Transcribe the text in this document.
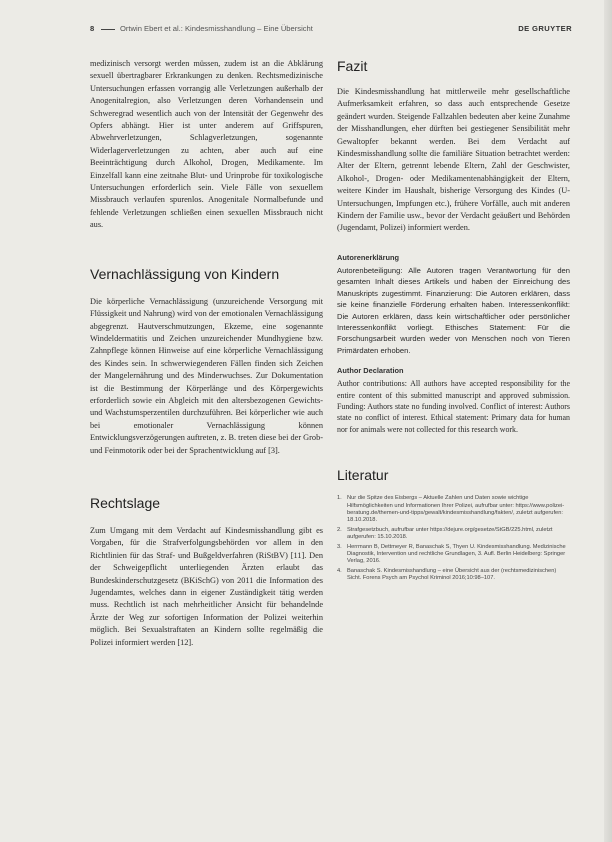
8	Ortwin Ebert et al.: Kindesmisshandlung – Eine Übersicht	DE GRUYTER

medizinisch versorgt werden müssen, zudem ist an die Abklärung sexuell übertragbarer Erkrankungen zu denken. Rechtsmedizinische Untersuchungen erfassen vorrangig alle Verletzungen außerhalb der Anogenitalregion, also Verletzungen deren Vorhandensein und Schweregrad wesentlich auch von der Intensität der Gegenwehr des Opfers abhängt. Hier ist unter anderem auf Griffspuren, Abwehrverletzungen, Schlagverletzungen, sogenannte Widerlagerverletzungen zu achten, aber auch auf eine Beeinträchtigung durch Alkohol, Drogen, Medikamente. Im Einzelfall kann eine zeitnahe Blut- und Urinprobe für toxikologische Untersuchungen erforderlich sein. Viele Fälle von sexuellem Missbrauch verlaufen spurenlos. Anogenitale Normalbefunde und fehlende Verletzungen schließen einen sexuellen Missbrauch nicht aus.

Vernachlässigung von Kindern

Die körperliche Vernachlässigung (unzureichende Versorgung mit Flüssigkeit und Nahrung) wird von der emotionalen Vernachlässigung abgegrenzt. Hautverschmutzungen, Ekzeme, eine sogenannte Windeldermatitis und Zeichen unzureichender Mundhygiene bzw. Zahnpflege können Hinweise auf eine körperliche Vernachlässigung des Kindes sein. In schwerwiegenderen Fällen finden sich Zeichen der Mangelernährung und des Minderwuchses. Zur Dokumentation ist die Bestimmung der Körperlänge und des Körpergewichts erforderlich sowie ein Abgleich mit den altersbezogenen Gewichts- und Wachstumsperzentilen durchzuführen. Bei körperlicher wie auch bei emotionaler Vernachlässigung können Entwicklungsverzögerungen auftreten, z. B. treten diese bei der Grob- und Feinmotorik oder bei der Sprachentwicklung auf [3].

Rechtslage

Zum Umgang mit dem Verdacht auf Kindesmisshandlung gibt es Vorgaben, für die Strafverfolgungsbehörden vor allem in den Richtlinien für das Straf- und Bußgeldverfahren (RiStBV) [11]. Den der Schweigepflicht unterliegenden Ärzten erlaubt das Bundeskinderschutzgesetz (BKiSchG) von 2011 die Information des Jugendamtes, welches dann in eigener Zuständigkeit tätig werden muss. Rechtlich ist nach mehrheitlicher Ansicht für behandelnde Ärzte der Weg zur sofortigen Information der Polizei weiterhin möglich. Bei Sexualstraftaten an Kindern sollte regelmäßig die Polizei informiert werden [12].

Fazit

Die Kindesmisshandlung hat mittlerweile mehr gesellschaftliche Aufmerksamkeit erfahren, so dass auch entsprechende Gesetze geändert wurden. Steigende Fallzahlen bedeuten aber keine Zunahme der Misshandlungen, eher dürften bei gestiegener Sensibilität mehr Gewaltopfer bekannt werden. Bei dem Verdacht auf Kindesmisshandlung sollte die familiäre Situation betrachtet werden: Alter der Eltern, getrennt lebende Eltern, Zahl der Geschwister, Alkohol-, Drogen- oder Medikamentenabhängigkeit der Eltern, weitere Kinder im Haushalt, bisherige Versorgung des Kindes (U-Untersuchungen, Impfungen etc.), frühere Vorfälle, auch mit anderen Kindern der Familie usw., bevor der Verdacht geäußert und Behörden (Jugendamt, Polizei) informiert werden.

Autorenerklärung

Autorenbeteiligung: Alle Autoren tragen Verantwortung für den gesamten Inhalt dieses Artikels und haben der Einreichung des Manuskripts zugestimmt. Finanzierung: Die Autoren erklären, dass sie keine finanzielle Förderung erhalten haben. Interessenkonflikt: Die Autoren erklären, dass kein wirtschaftlicher oder persönlicher Interessenkonflikt vorliegt. Ethisches Statement: Für die Forschungsarbeit wurden weder von Menschen noch von Tieren Primärdaten erhoben.

Author Declaration

Author contributions: All authors have accepted responsibility for the entire content of this submitted manuscript and approved submission. Funding: Authors state no funding involved. Conflict of interest: Authors state no conflict of interest. Ethical statement: Primary data for human nor for animals were not collected for this research work.

Literatur
1. Nur die Spitze des Eisbergs – Aktuelle Zahlen und Daten sowie wichtige Hilfsmöglichkeiten und Informationen Ihrer Polizei, aufrufbar unter: https://www.polizei-beratung.de/themen-und-tipps/gewalt/kindesmisshandlung/fakten/, zuletzt aufgerufen: 18.10.2018.
2. Strafgesetzbuch, aufrufbar unter https://dejure.org/gesetze/StGB/225.html, zuletzt aufgerufen: 15.10.2018.
3. Herrmann B, Dettmeyer R, Banaschak S, Thyen U. Kindesmisshandlung. Medizinische Diagnostik, Intervention und rechtliche Grundlagen, 3. Aufl. Berlin Heidelberg: Springer Verlag, 2016.
4. Banaschak S. Kindesmisshandlung – eine Übersicht aus der (rechtsmedizinischen) Sicht. Forens Psych am Psychol Kriminol 2016;10:98–107.
